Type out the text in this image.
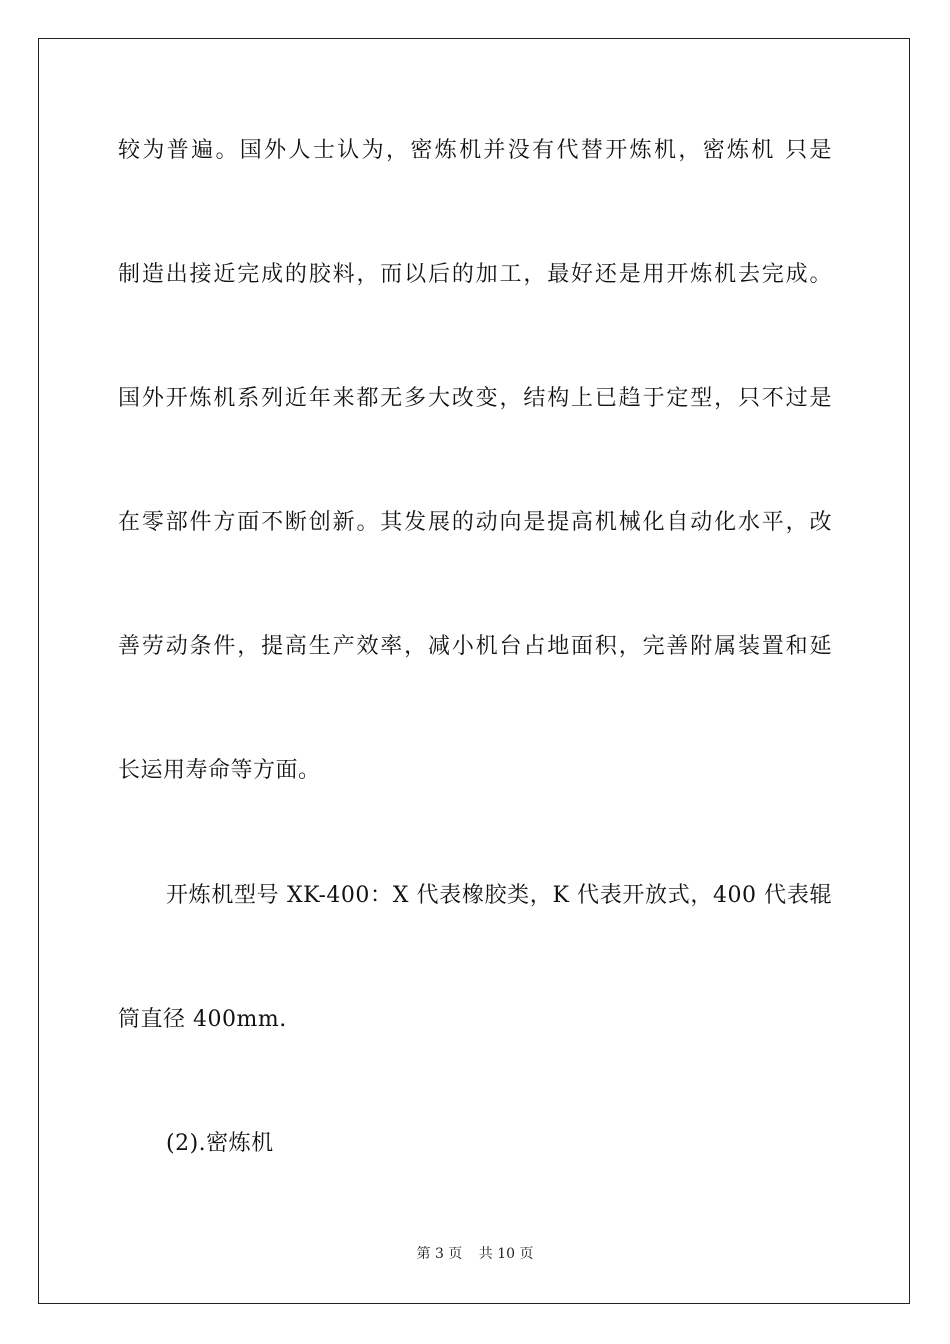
较为普遍。国外人士认为，密炼机并没有代替开炼机，密炼机 只是
制造出接近完成的胶料，而以后的加工，最好还是用开炼机去完成。
国外开炼机系列近年来都无多大改变，结构上已趋于定型，只不过是
在零部件方面不断创新。其发展的动向是提高机械化自动化水平，改
善劳动条件，提高生产效率，减小机台占地面积，完善附属装置和延
长运用寿命等方面。
开炼机型号 XK-400：X 代表橡胶类，K 代表开放式，400 代表辊
筒直径 400mm.
(2).密炼机
第 3 页 共 10 页
